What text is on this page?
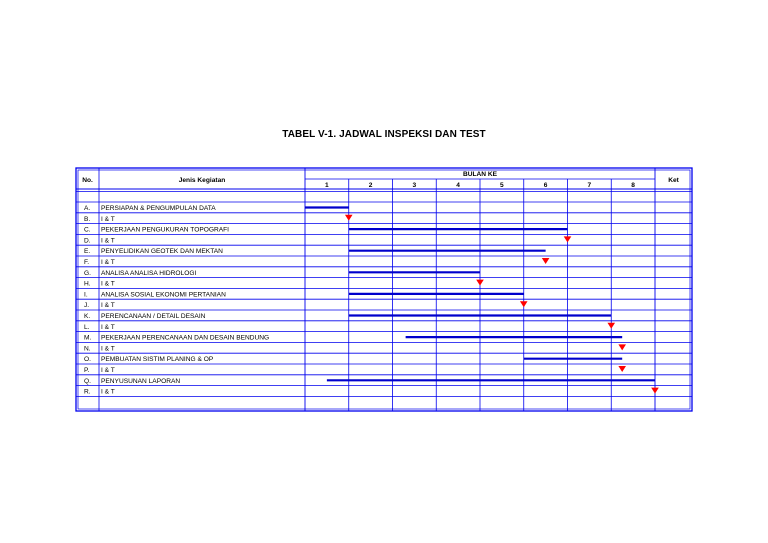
TABEL V-1. JADWAL INSPEKSI DAN TEST
No.	Jenis Kegiatan
BULAN KE
1	2	3	4	5	6	7	8
Ket
A. PERSIAPAN & PENGUMPULAN DATA
B. I & T
C. PEKERJAAN PENGUKURAN TOPOGRAFI
D. I & T
E. PENYELIDIKAN GEOTEK DAN MEKTAN
F. I & T
G. ANALISA ANALISA HIDROLOGI
H. I & T
I. ANALISA SOSIAL EKONOMI PERTANIAN
J. I & T
K. PERENCANAAN / DETAIL DESAIN
L. I & T
M. PEKERJAAN PERENCANAAN DAN DESAIN BENDUNG
N. I & T
O. PEMBUATAN SISTIM PLANING & OP
P. I & T
Q. PENYUSUNAN LAPORAN
R. I & T
